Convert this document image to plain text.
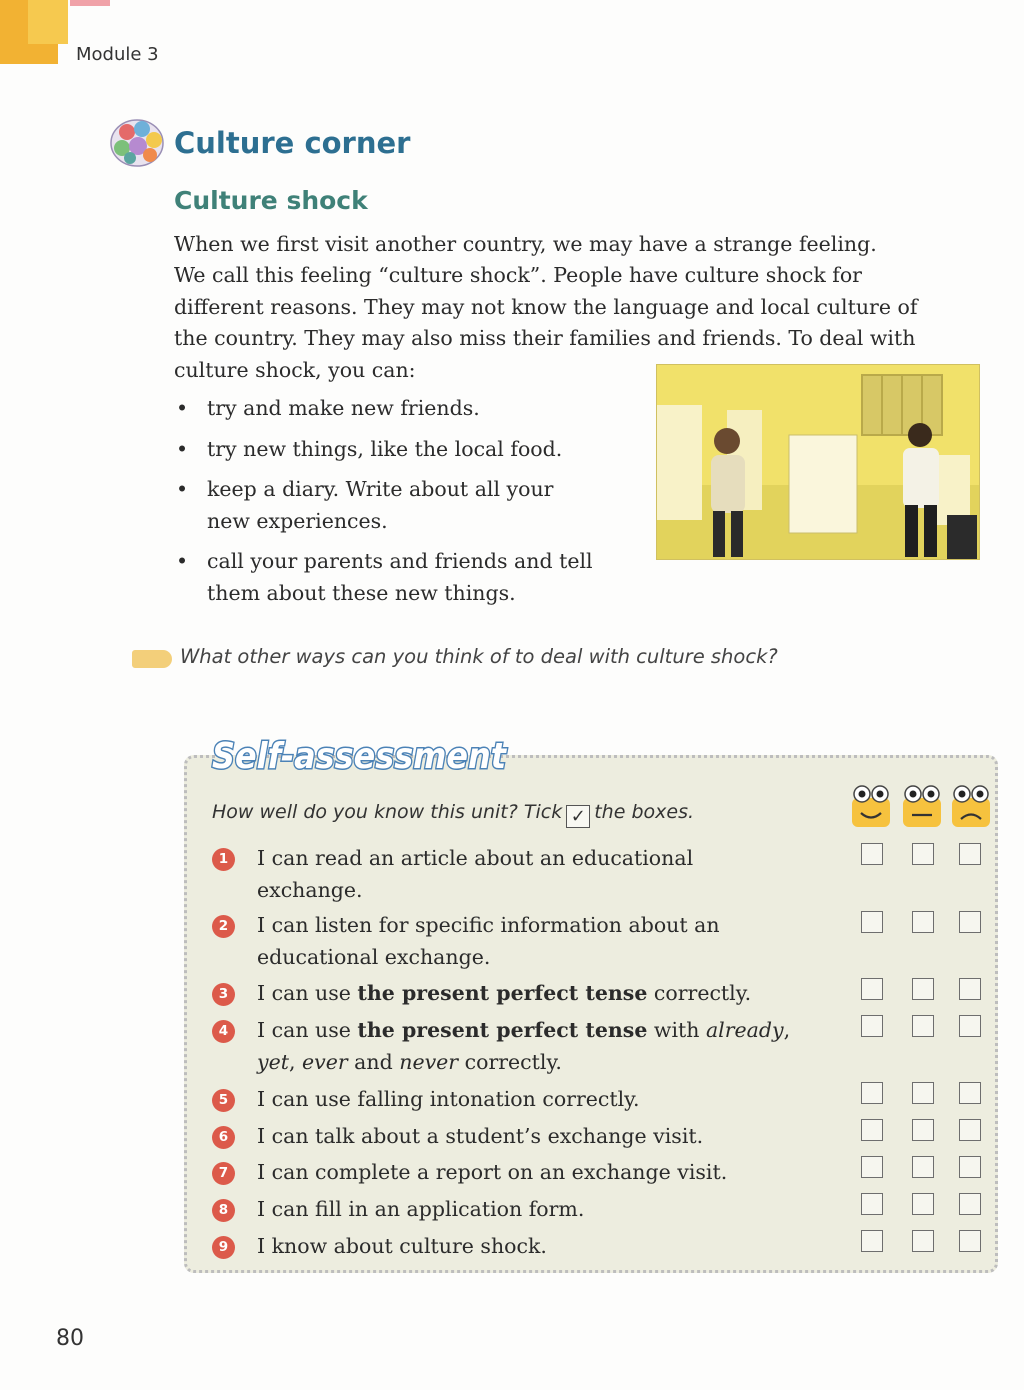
Module 3
Culture corner
Culture shock

When we first visit another country, we may have a strange feeling.
We call this feeling “culture shock”. People have culture shock for
different reasons. They may not know the language and local culture of
the country. They may also miss their families and friends. To deal with
culture shock, you can:

• try and make new friends.
• try new things, like the local food.
• keep a diary. Write about all your
new experiences.
• call your parents and friends and tell
them about these new things.
What other ways can you think of to deal with culture shock?
Self-assessment
How well do you know this unit? Tick ✓ the boxes.
1	I can read an article about an educational
exchange.
2	I can listen for specific information about an
educational exchange.
3	I can use the present perfect tense correctly.
4	I can use the present perfect tense with already,
yet, ever and never correctly.
5	I can use falling intonation correctly.
6	I can talk about a student’s exchange visit.
7	I can complete a report on an exchange visit.
8	I can fill in an application form.
9	I know about culture shock.
80
